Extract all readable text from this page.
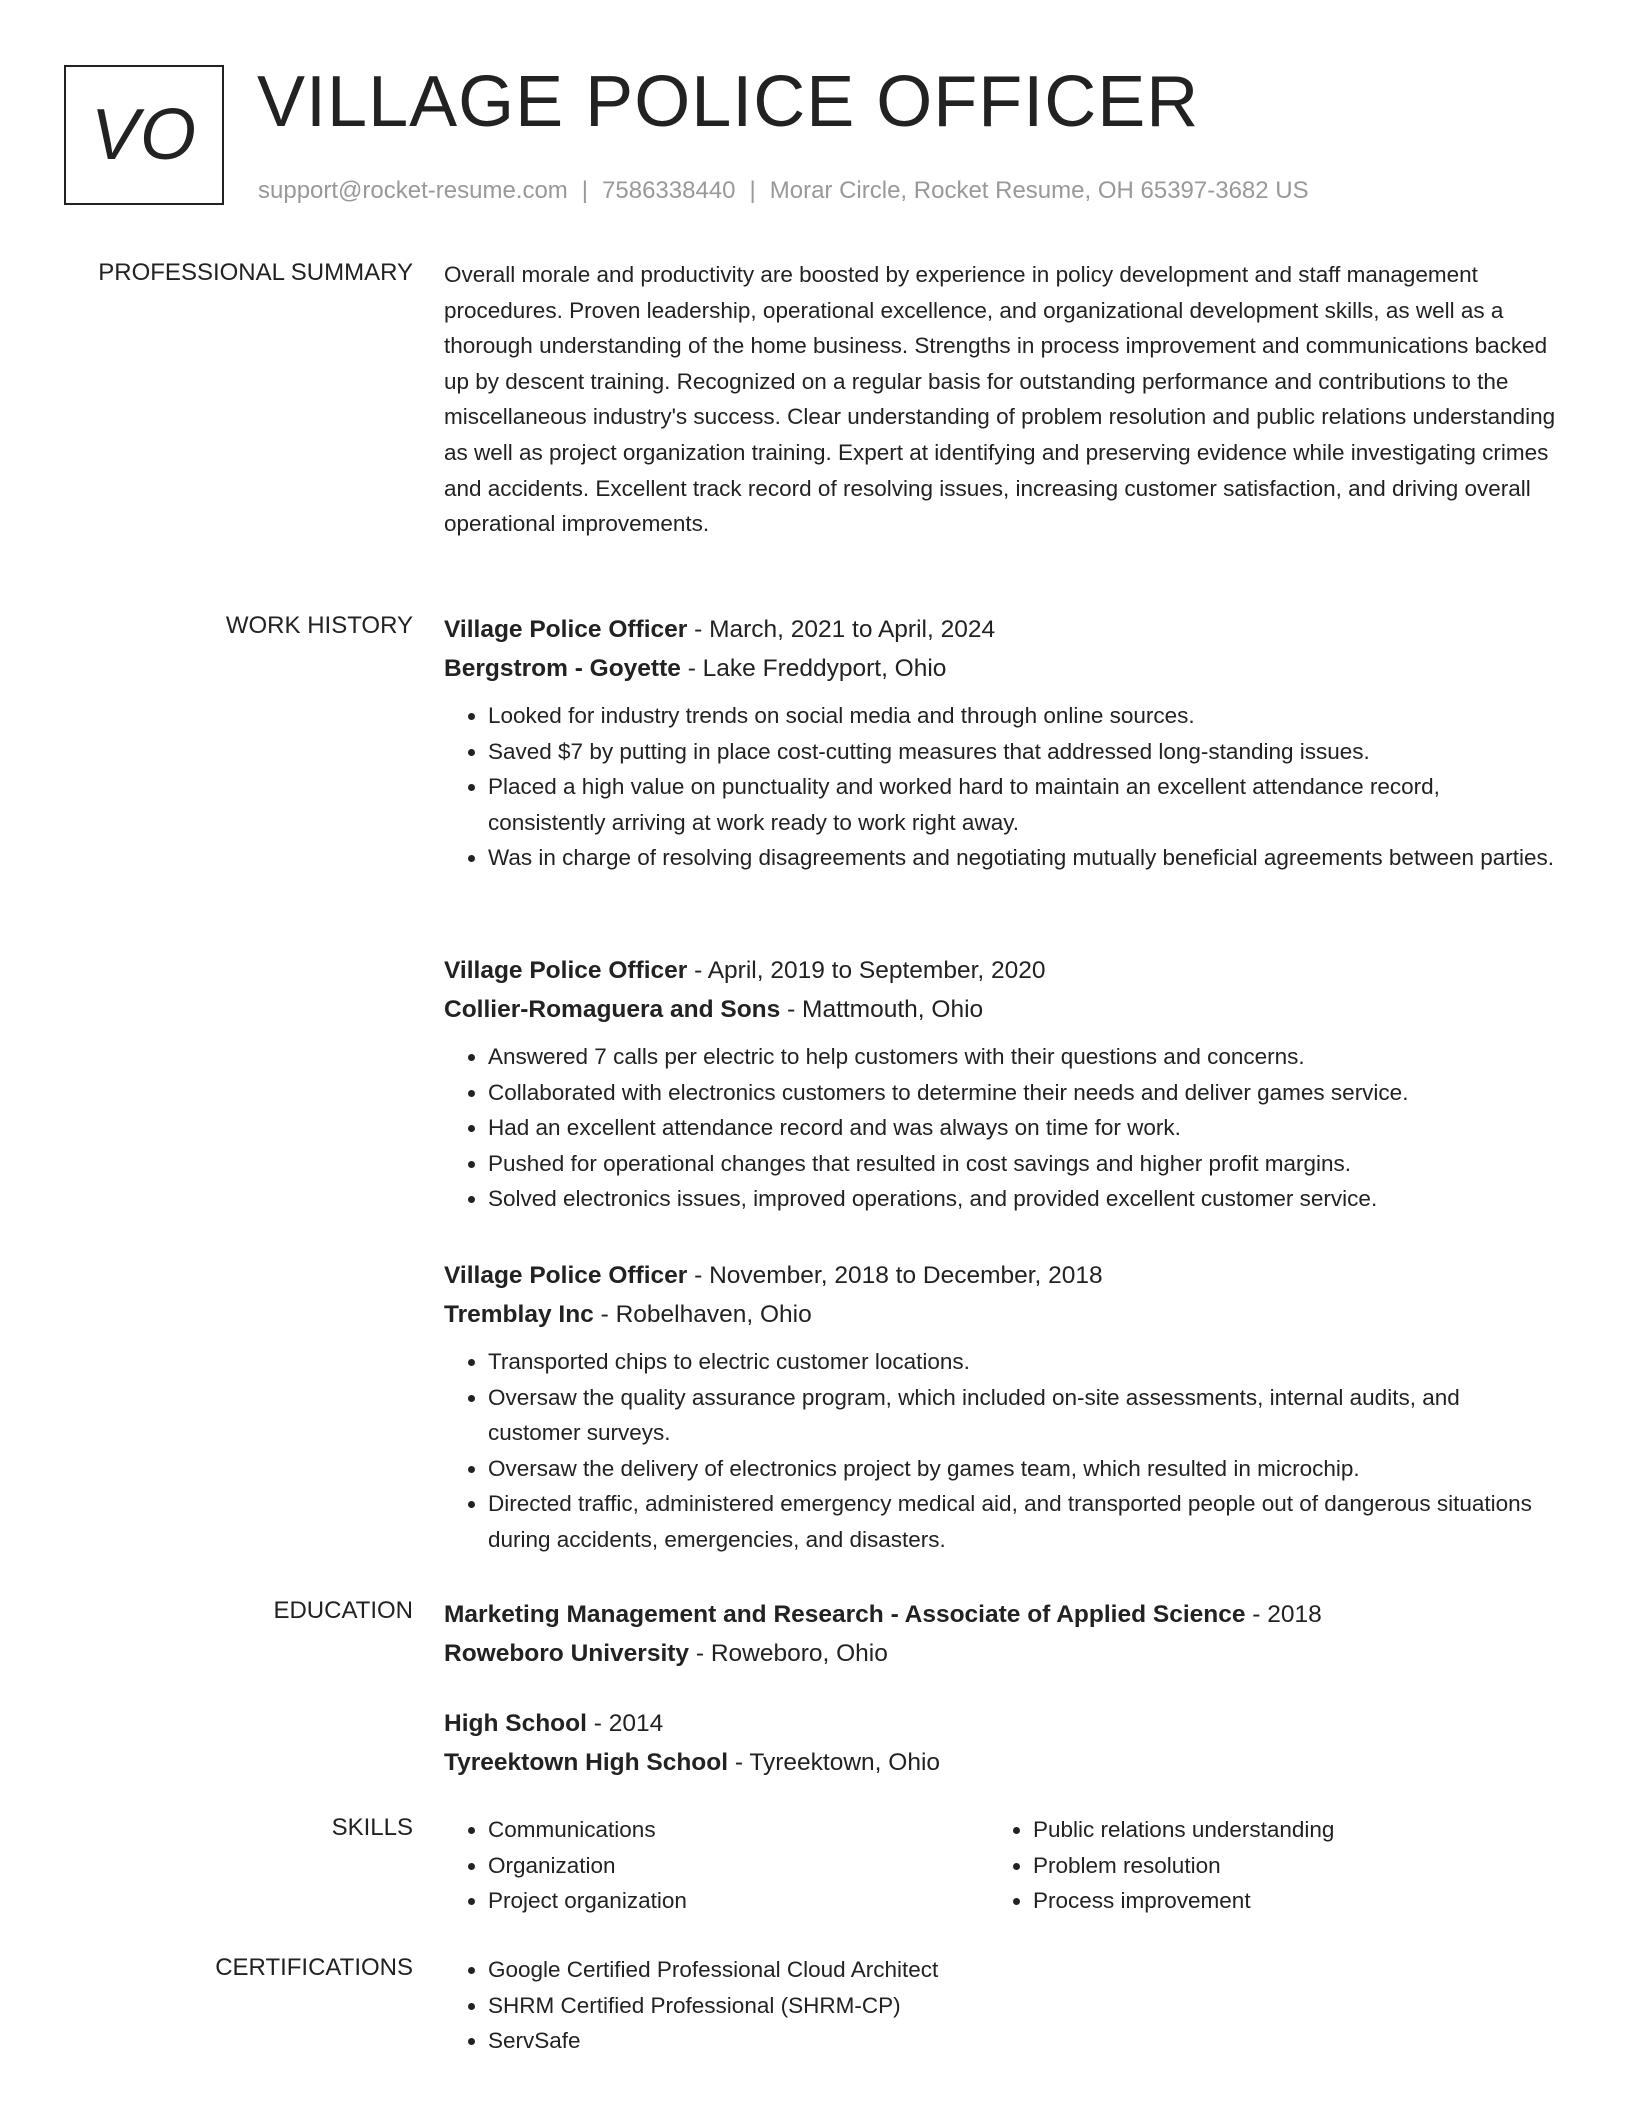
VO VILLAGE POLICE OFFICER
support@rocket-resume.com | 7586338440 | Morar Circle, Rocket Resume, OH 65397-3682 US
PROFESSIONAL SUMMARY Overall morale and productivity are boosted by experience in policy development and staff management procedures. Proven leadership, operational excellence, and organizational development skills, as well as a thorough understanding of the home business. Strengths in process improvement and communications backed up by descent training. Recognized on a regular basis for outstanding performance and contributions to the miscellaneous industry's success. Clear understanding of problem resolution and public relations understanding as well as project organization training. Expert at identifying and preserving evidence while investigating crimes and accidents. Excellent track record of resolving issues, increasing customer satisfaction, and driving overall operational improvements.

WORK HISTORY Village Police Officer - March, 2021 to April, 2024
Bergstrom - Goyette - Lake Freddyport, Ohio
• Looked for industry trends on social media and through online sources.
• Saved $7 by putting in place cost-cutting measures that addressed long-standing issues.
• Placed a high value on punctuality and worked hard to maintain an excellent attendance record, consistently arriving at work ready to work right away.
• Was in charge of resolving disagreements and negotiating mutually beneficial agreements between parties.
Village Police Officer - April, 2019 to September, 2020
Collier-Romaguera and Sons - Mattmouth, Ohio
• Answered 7 calls per electric to help customers with their questions and concerns.
• Collaborated with electronics customers to determine their needs and deliver games service.
• Had an excellent attendance record and was always on time for work.
• Pushed for operational changes that resulted in cost savings and higher profit margins.
• Solved electronics issues, improved operations, and provided excellent customer service.
Village Police Officer - November, 2018 to December, 2018
Tremblay Inc - Robelhaven, Ohio
• Transported chips to electric customer locations.
• Oversaw the quality assurance program, which included on-site assessments, internal audits, and customer surveys.
• Oversaw the delivery of electronics project by games team, which resulted in microchip.
• Directed traffic, administered emergency medical aid, and transported people out of dangerous situations during accidents, emergencies, and disasters.
EDUCATION Marketing Management and Research - Associate of Applied Science - 2018
Roweboro University - Roweboro, Ohio
High School - 2014
Tyreektown High School - Tyreektown, Ohio
SKILLS	• Communications
• Organization
• Project organization
• Public relations understanding
• Problem resolution
• Process improvement
CERTIFICATIONS	• Google Certified Professional Cloud Architect
• SHRM Certified Professional (SHRM-CP)
• ServSafe
